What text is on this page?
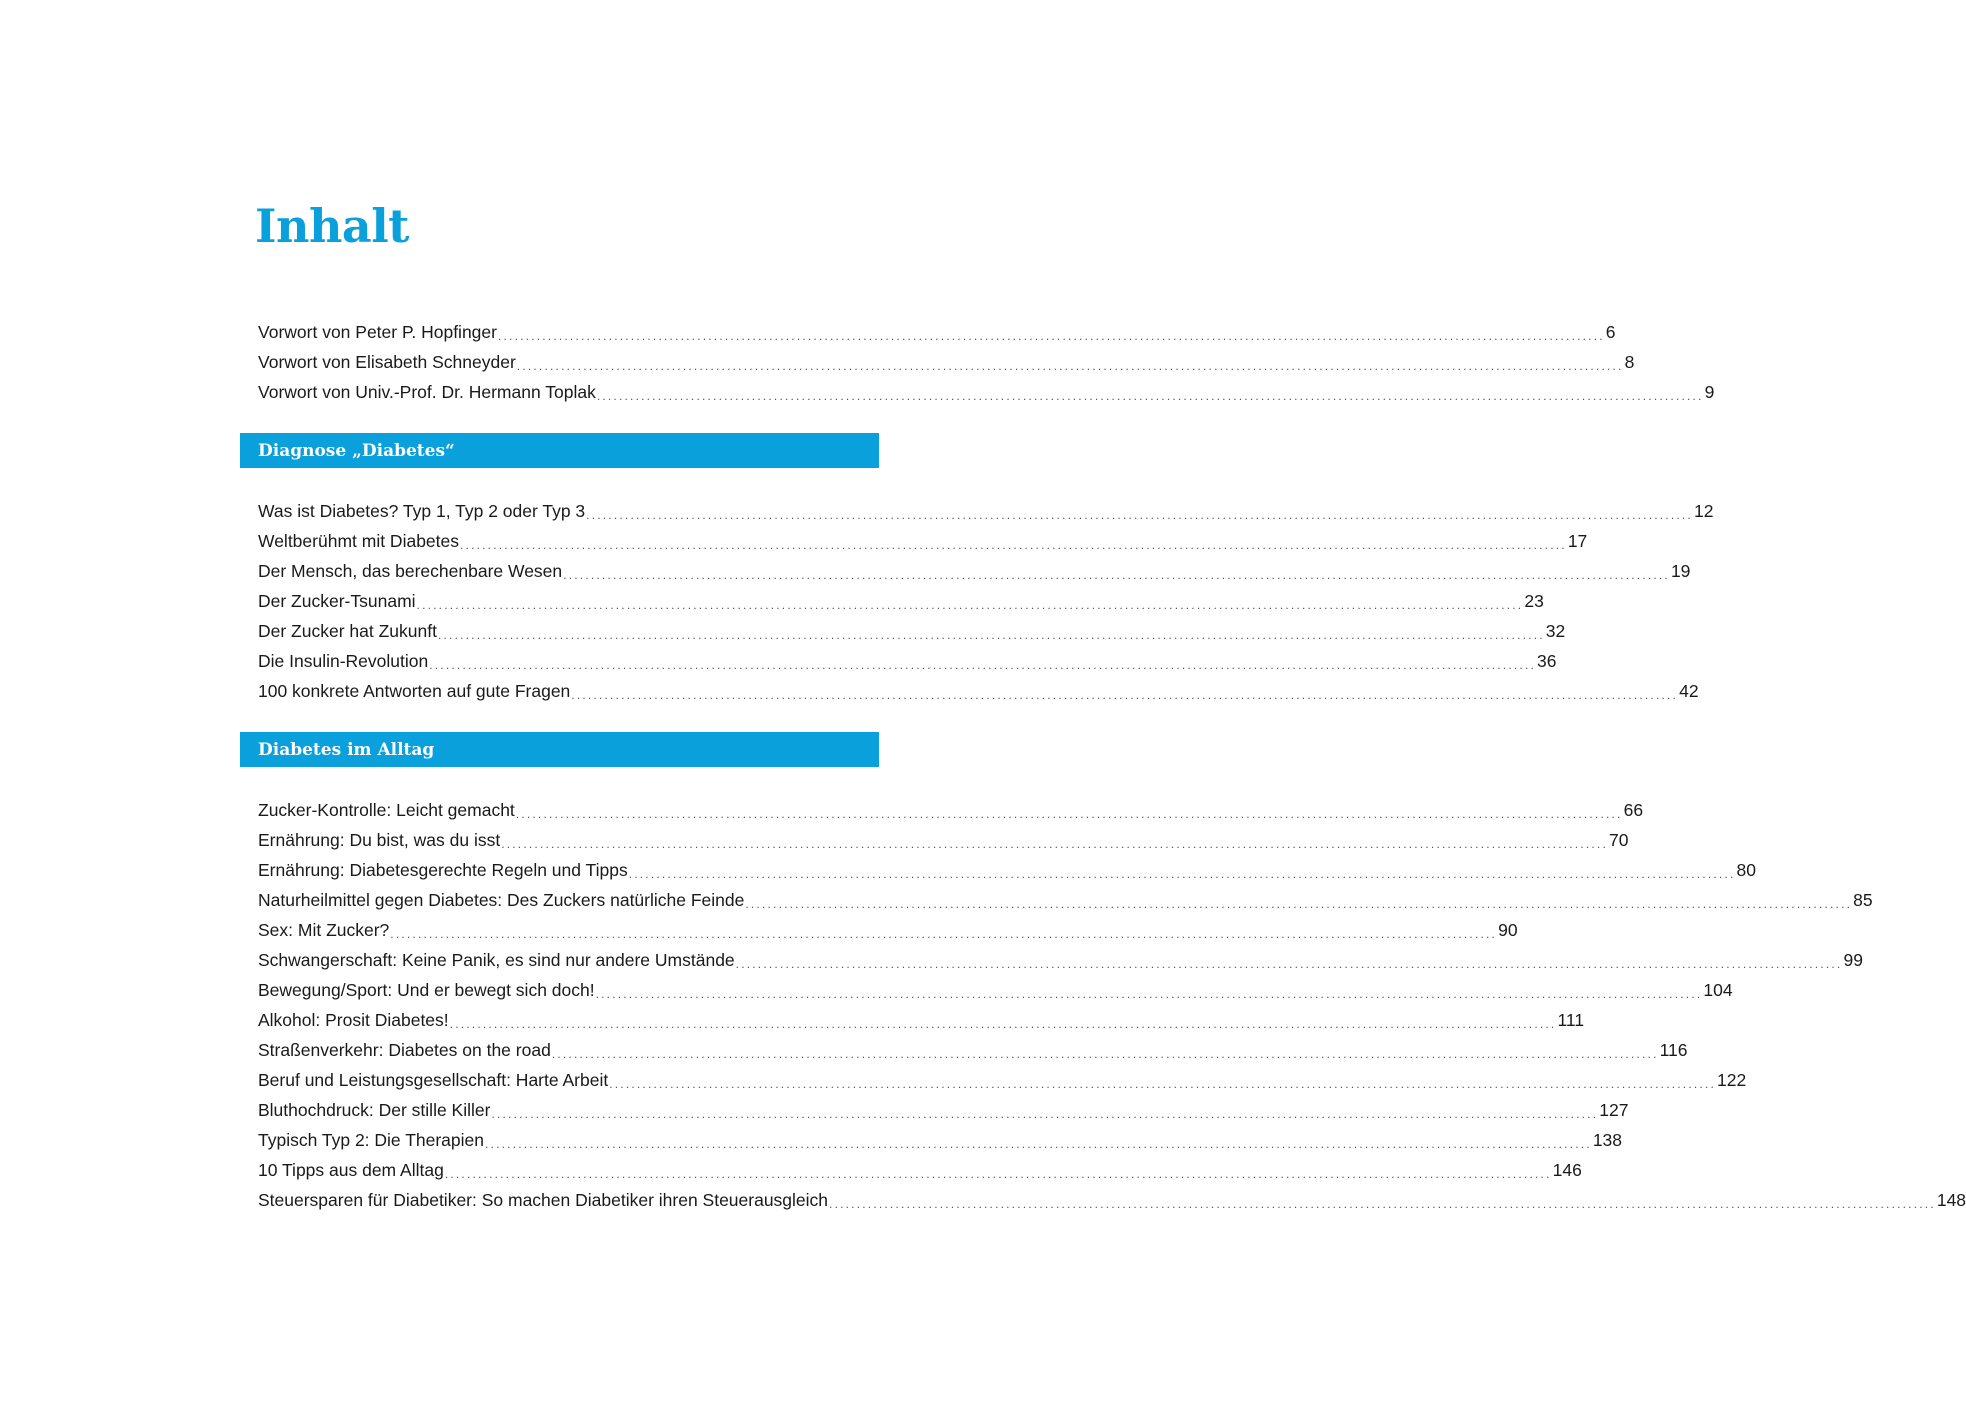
Inhalt
Vorwort von Peter P. Hopfinger ........................................................................................................................................................................................................ 6
Vorwort von Elisabeth Schneyder ........................................................................................................................................................................................................ 8
Vorwort von Univ.-Prof. Dr. Hermann Toplak ........................................................................................................................................................................................................ 9
Diagnose „Diabetes“
Was ist Diabetes? Typ 1, Typ 2 oder Typ 3 ........................................................................................................................................................................................................ 12
Weltberühmt mit Diabetes ........................................................................................................................................................................................................ 17
Der Mensch, das berechenbare Wesen ........................................................................................................................................................................................................ 19
Der Zucker-Tsunami ........................................................................................................................................................................................................ 23
Der Zucker hat Zukunft ........................................................................................................................................................................................................ 32
Die Insulin-Revolution ........................................................................................................................................................................................................ 36
100 konkrete Antworten auf gute Fragen ........................................................................................................................................................................................................ 42
Diabetes im Alltag
Zucker-Kontrolle: Leicht gemacht ........................................................................................................................................................................................................ 66
Ernährung: Du bist, was du isst ........................................................................................................................................................................................................ 70
Ernährung: Diabetesgerechte Regeln und Tipps ........................................................................................................................................................................................................ 80
Naturheilmittel gegen Diabetes: Des Zuckers natürliche Feinde ........................................................................................................................................................................................................ 85
Sex: Mit Zucker? ........................................................................................................................................................................................................ 90
Schwangerschaft: Keine Panik, es sind nur andere Umstände ........................................................................................................................................................................................................ 99
Bewegung/Sport: Und er bewegt sich doch! ........................................................................................................................................................................................................ 104
Alkohol: Prosit Diabetes! ........................................................................................................................................................................................................ 111
Straßenverkehr: Diabetes on the road ........................................................................................................................................................................................................ 116
Beruf und Leistungsgesellschaft: Harte Arbeit ........................................................................................................................................................................................................ 122
Bluthochdruck: Der stille Killer ........................................................................................................................................................................................................ 127
Typisch Typ 2: Die Therapien ........................................................................................................................................................................................................ 138
10 Tipps aus dem Alltag ........................................................................................................................................................................................................ 146
Steuersparen für Diabetiker: So machen Diabetiker ihren Steuerausgleich ........................................................................................................................................................................................................ 148
